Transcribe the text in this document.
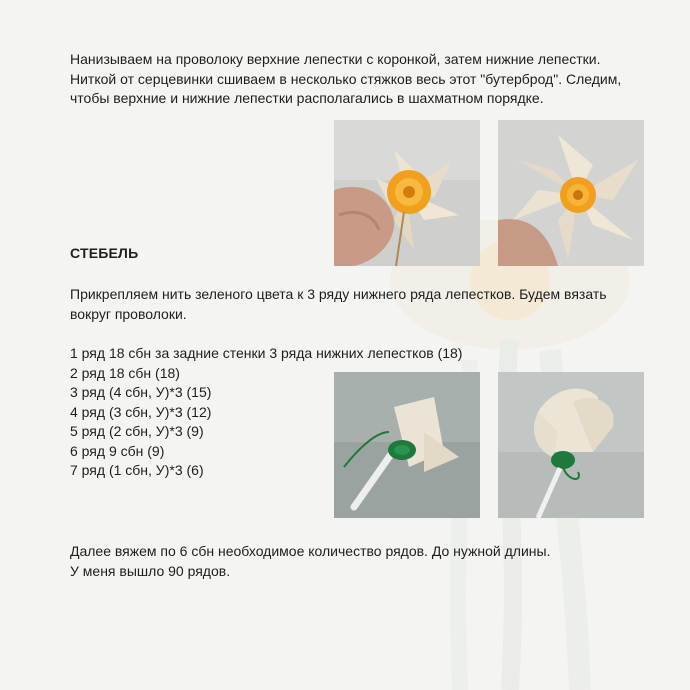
Нанизываем на проволоку верхние лепестки с коронкой, затем нижние лепестки.
Ниткой от серцевинки сшиваем в несколько стяжков весь этот "бутерброд". Следим,
чтобы верхние и нижние лепестки располагались в шахматном порядке.
СТЕБЕЛЬ
Прикрепляем нить зеленого цвета к 3 ряду нижнего ряда лепестков. Будем вязать
вокруг проволоки.
1 ряд 18 сбн за задние стенки 3 ряда нижних лепестков (18)
2 ряд 18 сбн (18)
3 ряд (4 сбн, У)*3 (15)
4 ряд (3 сбн, У)*3 (12)
5 ряд (2 сбн, У)*3 (9)
6 ряд 9 сбн (9)
7 ряд (1 сбн, У)*3 (6)
Далее вяжем по 6 сбн необходимое количество рядов. До нужной длины.
У меня вышло 90 рядов.
